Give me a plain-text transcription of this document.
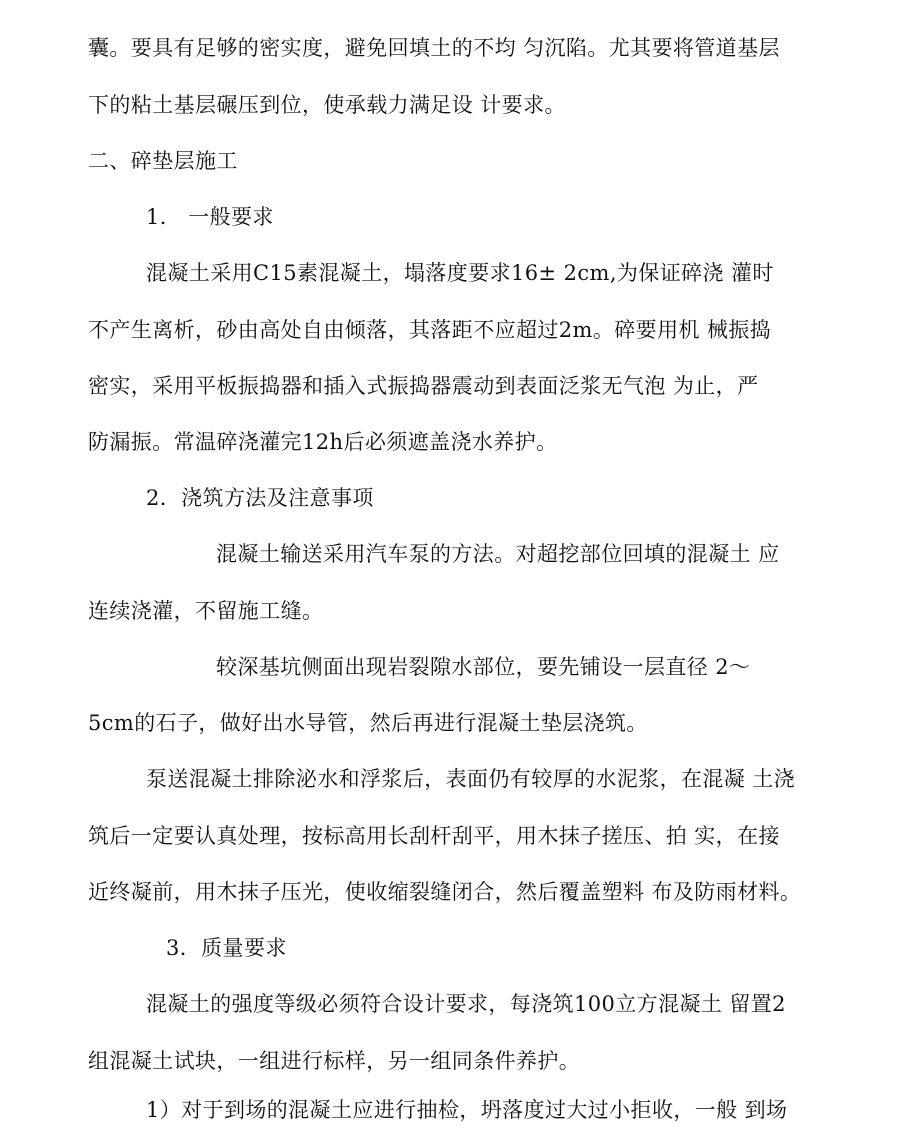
囊。要具有足够的密实度，避免回填土的不均 匀沉陷。尤其要将管道基层
下的粘土基层碾压到位，使承载力满足设 计要求。
二、碎垫层施工
1． 一般要求
混凝土采用C15素混凝土，塌落度要求16± 2cm,为保证碎浇 灌时
不产生离析，砂由高处自由倾落，其落距不应超过2m。碎要用机 械振捣
密实，采用平板振捣器和插入式振捣器震动到表面泛浆无气泡 为止，严
防漏振。常温碎浇灌完12h后必须遮盖浇水养护。
2．浇筑方法及注意事项
混凝土输送采用汽车泵的方法。对超挖部位回填的混凝土 应
连续浇灌，不留施工缝。
较深基坑侧面出现岩裂隙水部位，要先铺设一层直径 2～
5cm的石子，做好出水导管，然后再进行混凝土垫层浇筑。
泵送混凝土排除泌水和浮浆后，表面仍有较厚的水泥浆，在混凝 土浇
筑后一定要认真处理，按标高用长刮杆刮平，用木抹子搓压、拍 实，在接
近终凝前，用木抹子压光，使收缩裂缝闭合，然后覆盖塑料 布及防雨材料。
3．质量要求
混凝土的强度等级必须符合设计要求，每浇筑100立方混凝土 留置2
组混凝土试块，一组进行标样，另一组同条件养护。
1）对于到场的混凝土应进行抽检，坍落度过大过小拒收，一般 到场
